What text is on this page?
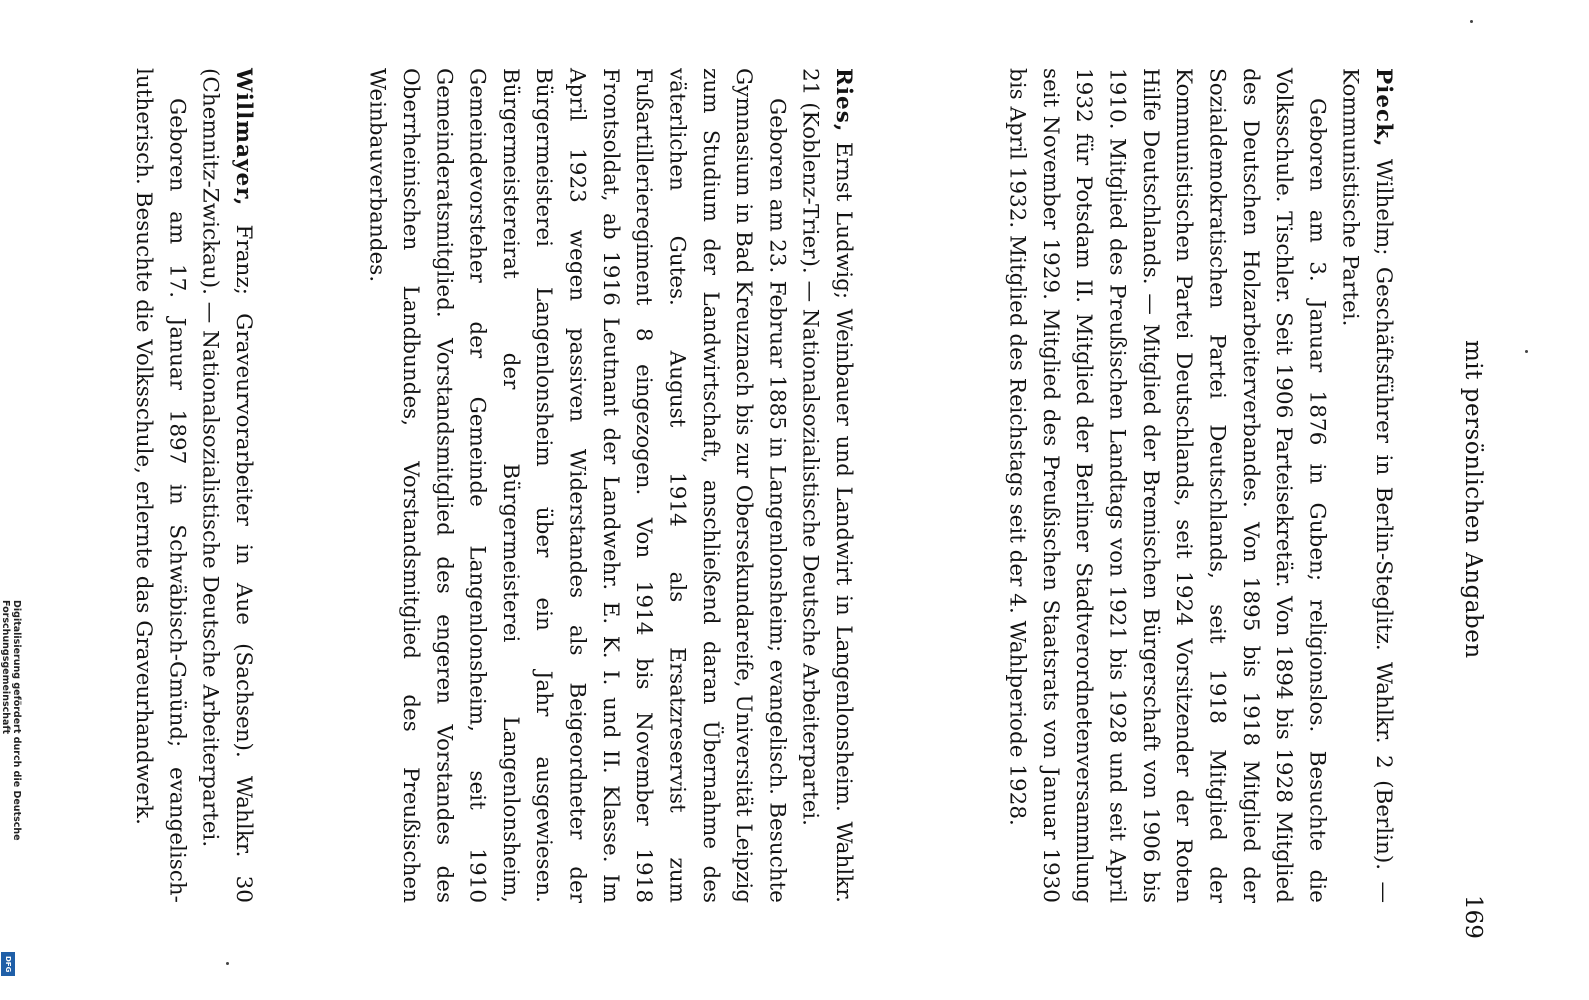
mit persönlichen Angaben
169

Pieck, Wilhelm; Geschäftsführer in Berlin-Steglitz. Wahlkr. 2 (Berlin). — Kommunistische Partei.

Geboren am 3. Januar 1876 in Guben; religionslos. Besuchte die Volksschule. Tischler. Seit 1906 Parteisekretär. Von 1894 bis 1928 Mitglied des Deutschen Holzarbeiterverbandes. Von 1895 bis 1918 Mitglied der Sozialdemokratischen Partei Deutschlands, seit 1918 Mitglied der Kommunistischen Partei Deutschlands, seit 1924 Vorsitzender der Roten Hilfe Deutschlands. — Mitglied der Bremischen Bürgerschaft von 1906 bis 1910. Mitglied des Preußischen Landtags von 1921 bis 1928 und seit April 1932 für Potsdam II. Mitglied der Berliner Stadtverordnetenversammlung seit November 1929. Mitglied des Preußischen Staatsrats von Januar 1930 bis April 1932. Mitglied des Reichstags seit der 4. Wahlperiode 1928.

Ries, Ernst Ludwig; Weinbauer und Landwirt in Langenlonsheim. Wahlkr. 21 (Koblenz-Trier). — Nationalsozialistische Deutsche Arbeiterpartei.

Geboren am 23. Februar 1885 in Langenlonsheim; evangelisch. Besuchte Gymnasium in Bad Kreuznach bis zur Obersekundareife, Universität Leipzig zum Studium der Landwirtschaft, anschließend daran Übernahme des väterlichen Gutes. August 1914 als Ersatzreservist zum Fußartillerieregiment 8 eingezogen. Von 1914 bis November 1918 Frontsoldat, ab 1916 Leutnant der Landwehr. E. K. I. und II. Klasse. Im April 1923 wegen passiven Widerstandes als Beigeordneter der Bürgermeisterei Langenlonsheim über ein Jahr ausgewiesen. Bürgermeistereirat der Bürgermeisterei Langenlonsheim, Gemeindevorsteher der Gemeinde Langenlonsheim, seit 1910 Gemeinderatsmitglied. Vorstandsmitglied des engeren Vorstandes des Oberrheinischen Landbundes, Vorstandsmitglied des Preußischen Weinbauverbandes.

Willmayer, Franz; Graveurvorarbeiter in Aue (Sachsen). Wahlkr. 30 (Chemnitz-Zwickau). — Nationalsozialistische Deutsche Arbeiterpartei.

Geboren am 17. Januar 1897 in Schwäbisch-Gmünd; evangelisch-lutherisch. Besuchte die Volksschule, erlernte das Graveurhandwerk.

Digitalisierung gefördert durch die Deutsche Forschungsgemeinschaft
DFG
